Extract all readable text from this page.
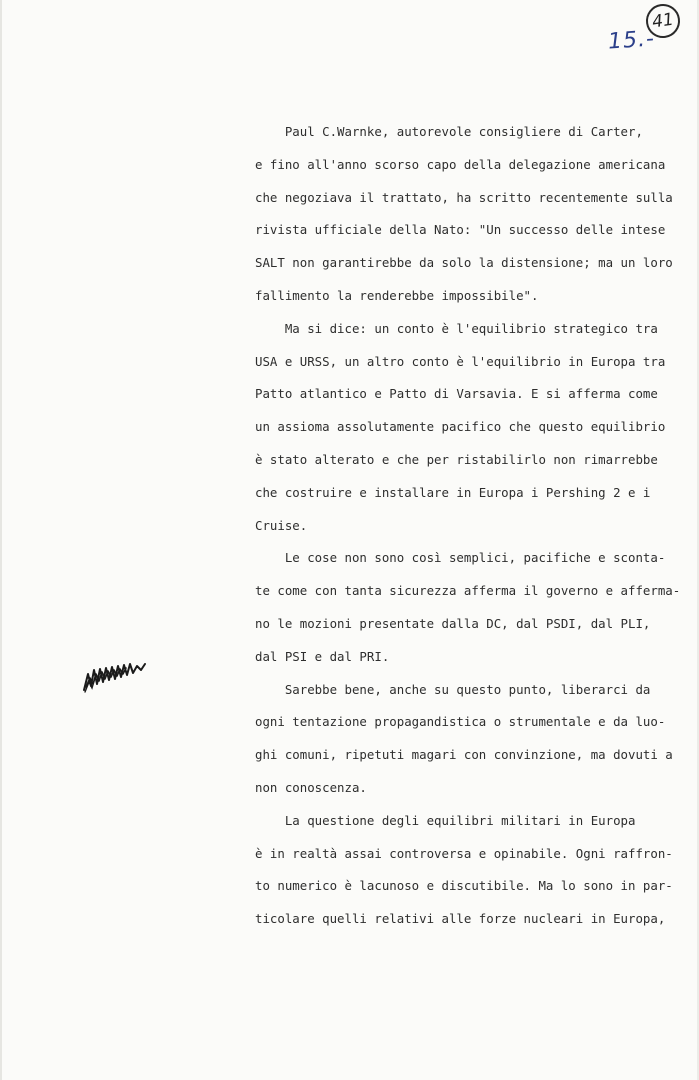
15.-
41
Paul C.Warnke, autorevole consigliere di Carter,
e fino all'anno scorso capo della delegazione americana
che negoziava il trattato, ha scritto recentemente sulla
rivista ufficiale della Nato: "Un successo delle intese
SALT non garantirebbe da solo la distensione; ma un loro
fallimento la renderebbe impossibile".
Ma si dice: un conto è l'equilibrio strategico tra
USA e URSS, un altro conto è l'equilibrio in Europa tra
Patto atlantico e Patto di Varsavia. E si afferma come
un assioma assolutamente pacifico che questo equilibrio
è stato alterato e che per ristabilirlo non rimarrebbe
che costruire e installare in Europa i Pershing 2 e i
Cruise.
Le cose non sono così semplici, pacifiche e sconta-
te come con tanta sicurezza afferma il governo e afferma-
no le mozioni presentate dalla DC, dal PSDI, dal PLI,
dal PSI e dal PRI.
Sarebbe bene, anche su questo punto, liberarci da
ogni tentazione propagandistica o strumentale e da luo-
ghi comuni, ripetuti magari con convinzione, ma dovuti a
non conoscenza.
La questione degli equilibri militari in Europa
è in realtà assai controversa e opinabile. Ogni raffron-
to numerico è lacunoso e discutibile. Ma lo sono in par-
ticolare quelli relativi alle forze nucleari in Europa,
